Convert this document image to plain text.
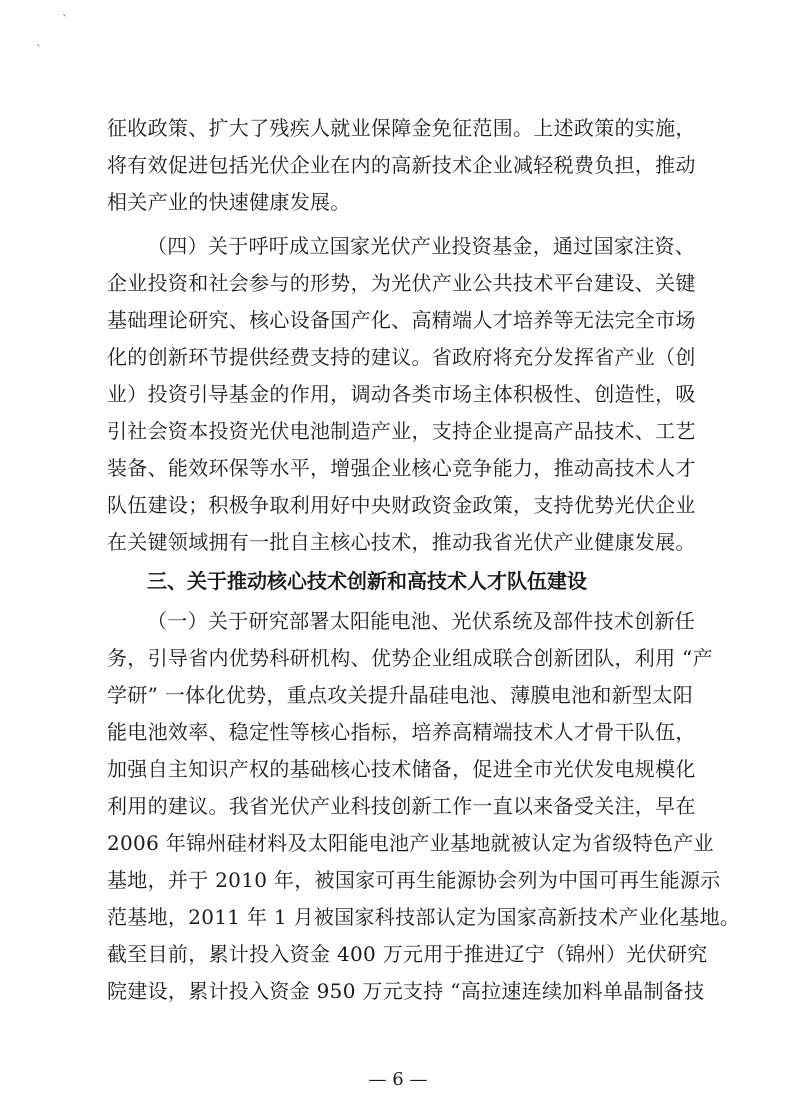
`
`
征收政策、扩大了残疾人就业保障金免征范围。上述政策的实施，
将有效促进包括光伏企业在内的高新技术企业减轻税费负担，推动
相关产业的快速健康发展。
（四）关于呼吁成立国家光伏产业投资基金，通过国家注资、
企业投资和社会参与的形势，为光伏产业公共技术平台建设、关键
基础理论研究、核心设备国产化、高精端人才培养等无法完全市场
化的创新环节提供经费支持的建议。省政府将充分发挥省产业（创
业）投资引导基金的作用，调动各类市场主体积极性、创造性，吸
引社会资本投资光伏电池制造产业，支持企业提高产品技术、工艺
装备、能效环保等水平，增强企业核心竞争能力，推动高技术人才
队伍建设；积极争取利用好中央财政资金政策，支持优势光伏企业
在关键领域拥有一批自主核心技术，推动我省光伏产业健康发展。
三、关于推动核心技术创新和高技术人才队伍建设
（一）关于研究部署太阳能电池、光伏系统及部件技术创新任
务，引导省内优势科研机构、优势企业组成联合创新团队，利用 “产
学研” 一体化优势，重点攻关提升晶硅电池、薄膜电池和新型太阳
能电池效率、稳定性等核心指标，培养高精端技术人才骨干队伍，
加强自主知识产权的基础核心技术储备，促进全市光伏发电规模化
利用的建议。我省光伏产业科技创新工作一直以来备受关注，早在
2006 年锦州硅材料及太阳能电池产业基地就被认定为省级特色产业
基地，并于 2010 年，被国家可再生能源协会列为中国可再生能源示
范基地，2011 年 1 月被国家科技部认定为国家高新技术产业化基地。
截至目前，累计投入资金 400 万元用于推进辽宁（锦州）光伏研究
院建设，累计投入资金 950 万元支持 “高拉速连续加料单晶制备技
— 6 —
